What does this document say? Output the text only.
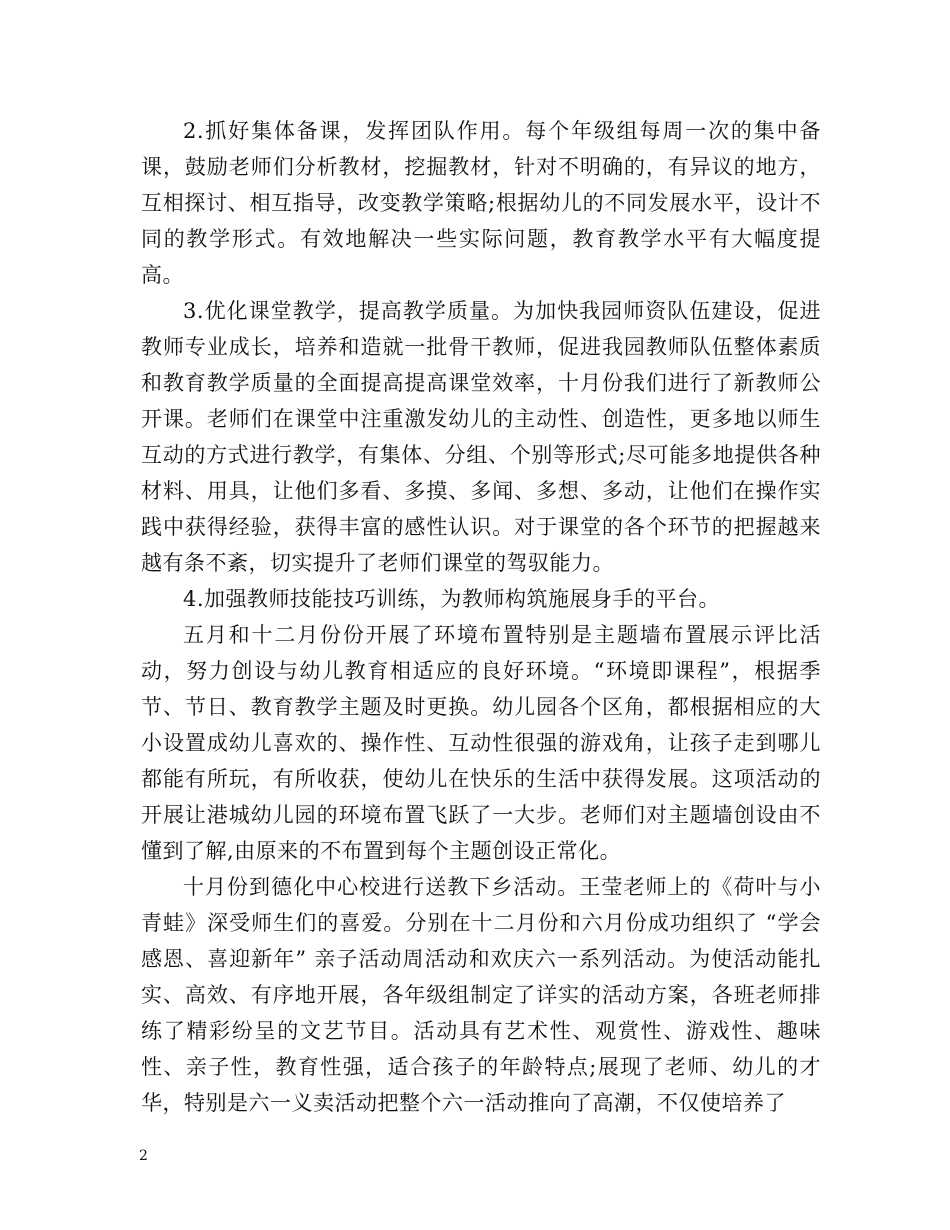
2.抓好集体备课，发挥团队作用。每个年级组每周一次的集中备课，鼓励老师们分析教材，挖掘教材，针对不明确的，有异议的地方，互相探讨、相互指导，改变教学策略;根据幼儿的不同发展水平，设计不同的教学形式。有效地解决一些实际问题，教育教学水平有大幅度提高。

3.优化课堂教学，提高教学质量。为加快我园师资队伍建设，促进教师专业成长，培养和造就一批骨干教师，促进我园教师队伍整体素质和教育教学质量的全面提高提高课堂效率，十月份我们进行了新教师公开课。老师们在课堂中注重激发幼儿的主动性、创造性，更多地以师生互动的方式进行教学，有集体、分组、个别等形式;尽可能多地提供各种材料、用具，让他们多看、多摸、多闻、多想、多动，让他们在操作实践中获得经验，获得丰富的感性认识。对于课堂的各个环节的把握越来越有条不紊，切实提升了老师们课堂的驾驭能力。

4.加强教师技能技巧训练，为教师构筑施展身手的平台。

五月和十二月份份开展了环境布置特别是主题墙布置展示评比活动，努力创设与幼儿教育相适应的良好环境。“环境即课程”，根据季节、节日、教育教学主题及时更换。幼儿园各个区角，都根据相应的大小设置成幼儿喜欢的、操作性、互动性很强的游戏角，让孩子走到哪儿都能有所玩，有所收获，使幼儿在快乐的生活中获得发展。这项活动的开展让港城幼儿园的环境布置飞跃了一大步。老师们对主题墙创设由不懂到了解,由原来的不布置到每个主题创设正常化。

十月份到德化中心校进行送教下乡活动。王莹老师上的《荷叶与小青蛙》深受师生们的喜爱。分别在十二月份和六月份成功组织了 “学会感恩、喜迎新年” 亲子活动周活动和欢庆六一系列活动。为使活动能扎实、高效、有序地开展，各年级组制定了详实的活动方案，各班老师排练了精彩纷呈的文艺节目。活动具有艺术性、观赏性、游戏性、趣味性、亲子性，教育性强，适合孩子的年龄特点;展现了老师、幼儿的才华，特别是六一义卖活动把整个六一活动推向了高潮，不仅使培养了

2
